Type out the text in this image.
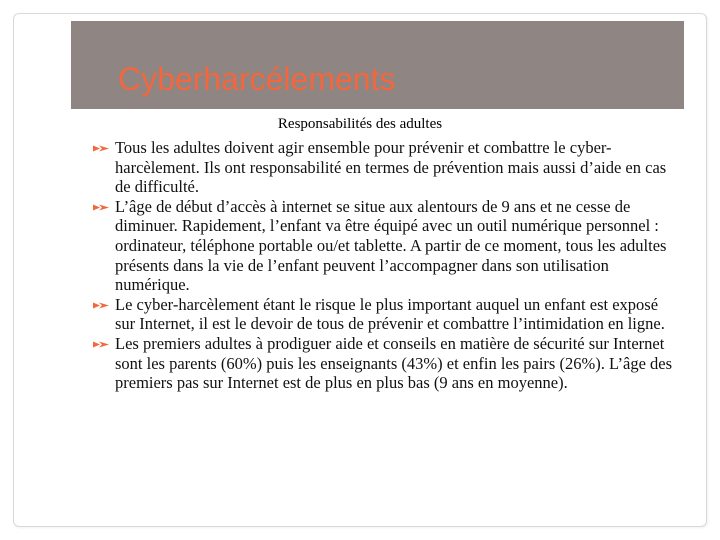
Cyberharcélements
Responsabilités des adultes
Tous les adultes doivent agir ensemble pour prévenir et combattre le cyber-harcèlement. Ils ont responsabilité en termes de prévention mais aussi d’aide en cas de difficulté.
L’âge de début d’accès à internet se situe aux alentours de 9 ans et ne cesse de diminuer. Rapidement, l’enfant va être équipé avec un outil numérique personnel : ordinateur, téléphone portable ou/et tablette. A partir de ce moment, tous les adultes présents dans la vie de l’enfant peuvent l’accompagner dans son utilisation numérique.
Le cyber-harcèlement étant le risque le plus important auquel un enfant est exposé sur Internet, il est le devoir de tous de prévenir et combattre l’intimidation en ligne.
Les premiers adultes à prodiguer aide et conseils en matière de sécurité sur Internet sont les parents (60%) puis les enseignants (43%) et enfin les pairs (26%). L’âge des premiers pas sur Internet est de plus en plus bas (9 ans en moyenne).
